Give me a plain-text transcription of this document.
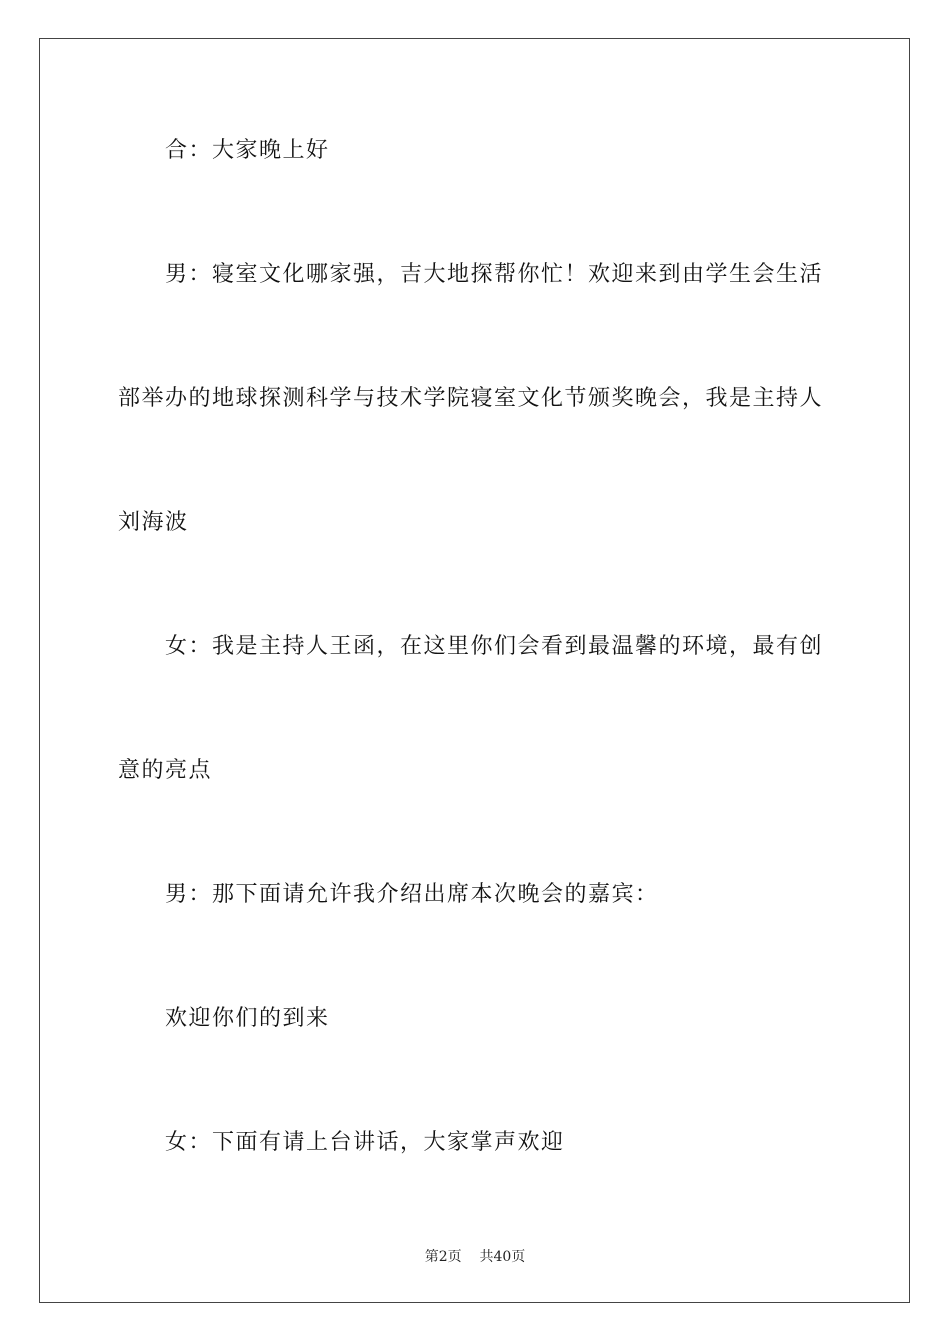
合：大家晚上好
男：寝室文化哪家强，吉大地探帮你忙！欢迎来到由学生会生活
部举办的地球探测科学与技术学院寝室文化节颁奖晚会，我是主持人
刘海波
女：我是主持人王函，在这里你们会看到最温馨的环境，最有创
意的亮点
男：那下面请允许我介绍出席本次晚会的嘉宾：
欢迎你们的到来
女：下面有请上台讲话，大家掌声欢迎
第2页 共40页
